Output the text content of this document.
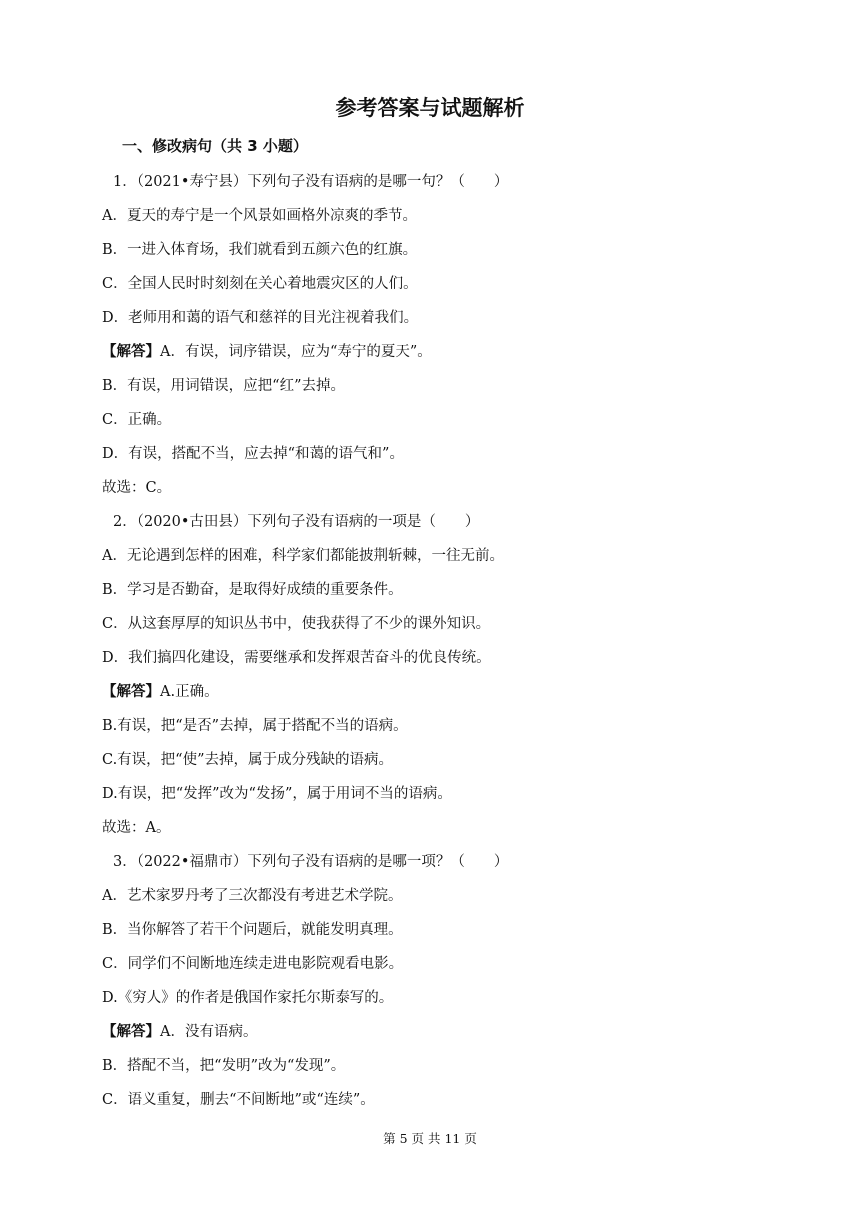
参考答案与试题解析
一、修改病句（共 3 小题）
1．（2021•寿宁县）下列句子没有语病的是哪一句？（　　）
A．夏天的寿宁是一个风景如画格外凉爽的季节。
B．一进入体育场，我们就看到五颜六色的红旗。
C．全国人民时时刻刻在关心着地震灾区的人们。
D．老师用和蔼的语气和慈祥的目光注视着我们。
【解答】A．有误，词序错误，应为“寿宁的夏天”。
B．有误，用词错误，应把“红”去掉。
C．正确。
D．有误，搭配不当，应去掉“和蔼的语气和”。
故选：C。
2．（2020•古田县）下列句子没有语病的一项是（　　）
A．无论遇到怎样的困难，科学家们都能披荆斩棘，一往无前。
B．学习是否勤奋，是取得好成绩的重要条件。
C．从这套厚厚的知识丛书中，使我获得了不少的课外知识。
D．我们搞四化建设，需要继承和发挥艰苦奋斗的优良传统。
【解答】A.正确。
B.有误，把“是否”去掉，属于搭配不当的语病。
C.有误，把“使”去掉，属于成分残缺的语病。
D.有误，把“发挥”改为“发扬”，属于用词不当的语病。
故选：A。
3．（2022•福鼎市）下列句子没有语病的是哪一项？（　　）
A．艺术家罗丹考了三次都没有考进艺术学院。
B．当你解答了若干个问题后，就能发明真理。
C．同学们不间断地连续走进电影院观看电影。
D.《穷人》的作者是俄国作家托尔斯泰写的。
【解答】A．没有语病。
B．搭配不当，把“发明”改为“发现”。
C．语义重复，删去“不间断地”或“连续”。
第 5 页 共 11 页
